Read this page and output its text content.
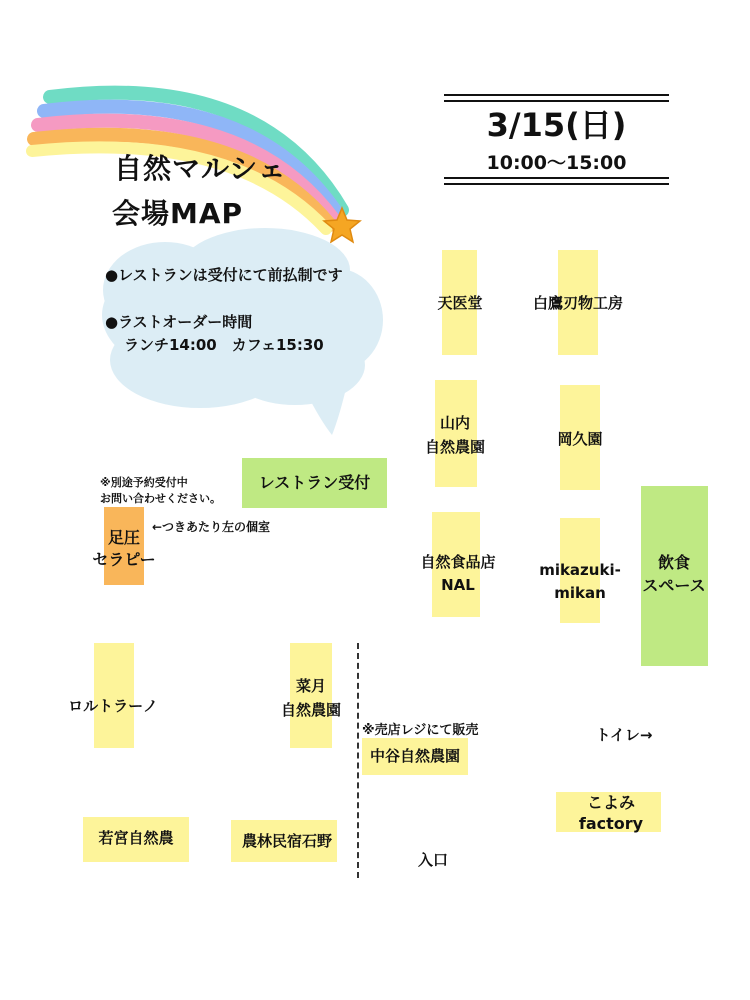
自然マルシェ
会場MAP
3/15(日)
10:00〜15:00
●レストランは受付にて前払制です
●ラストオーダー時間
ランチ14:00　カフェ15:30
天医堂	白鷹刃物工房
山内
自然農園	岡久園
自然食品店
NAL
mikazuki-
mikan
飲食
スペース
レストラン受付
※別途予約受付中
お問い合わせください。
足圧
セラピー
←つきあたり左の個室
ロルトラーノ
菜月
自然農園
※売店レジにて販売
中谷自然農園
トイレ→
こよみ
factory
若宮自然農	農林民宿石野
入口
